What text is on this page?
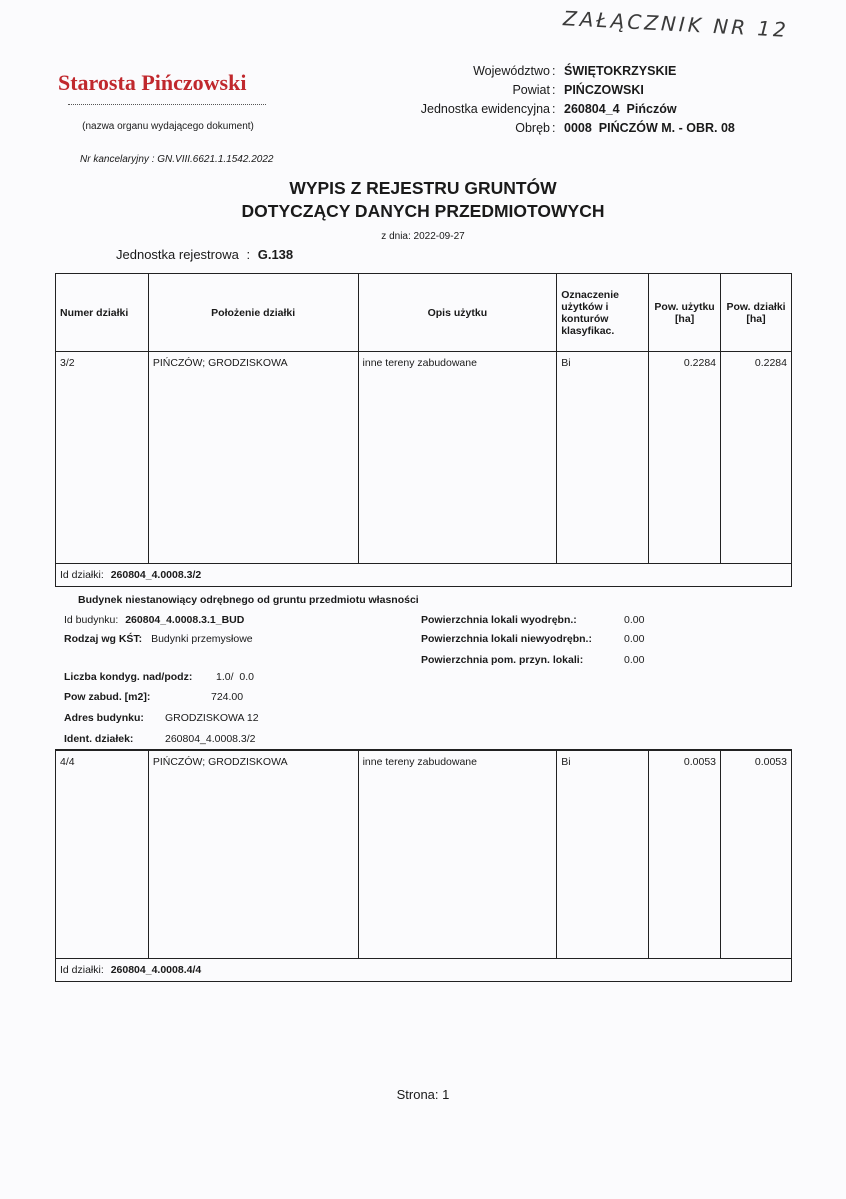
ZAŁĄCZNIK NR 12
Starosta Pińczowski
(nazwa organu wydającego dokument)
Województwo : ŚWIĘTOKRZYSKIE
Powiat : PIŃCZOWSKI
Jednostka ewidencyjna : 260804_4  Pińczów
Obręb : 0008  PIŃCZÓW M. - OBR. 08
Nr kancelaryjny : GN.VIII.6621.1.1542.2022
WYPIS Z REJESTRU GRUNTÓW
DOTYCZĄCY DANYCH PRZEDMIOTOWYCH
z dnia: 2022-09-27
Jednostka rejestrowa : G.138
Numer działki	Położenie działki	Opis użytku	Oznaczenie użytków i konturów klasyfikac.	Pow. użytku [ha]	Pow. działki [ha]
3/2	PIŃCZÓW; GRODZISKOWA	inne tereny zabudowane	Bi	0.2284	0.2284
Id działki: 260804_4.0008.3/2					
Budynek niestanowiący odrębnego od gruntu przedmiotu własności
Id budynku: 260804_4.0008.3.1_BUD
Rodzaj wg KŚT: Budynki przemysłowe
Powierzchnia lokali wyodrębn.:	0.00
Powierzchnia lokali niewyodrębn.:	0.00
Powierzchnia pom. przyn. lokali:	0.00
Liczba kondyg. nad/podz: 1.0/  0.0
Pow zabud. [m2]:	724.00
Adres budynku: GRODZISKOWA 12
Ident. działek:	260804_4.0008.3/2
4/4	PIŃCZÓW; GRODZISKOWA	inne tereny zabudowane	Bi	0.0053	0.0053
Id działki: 260804_4.0008.4/4
Strona: 1
